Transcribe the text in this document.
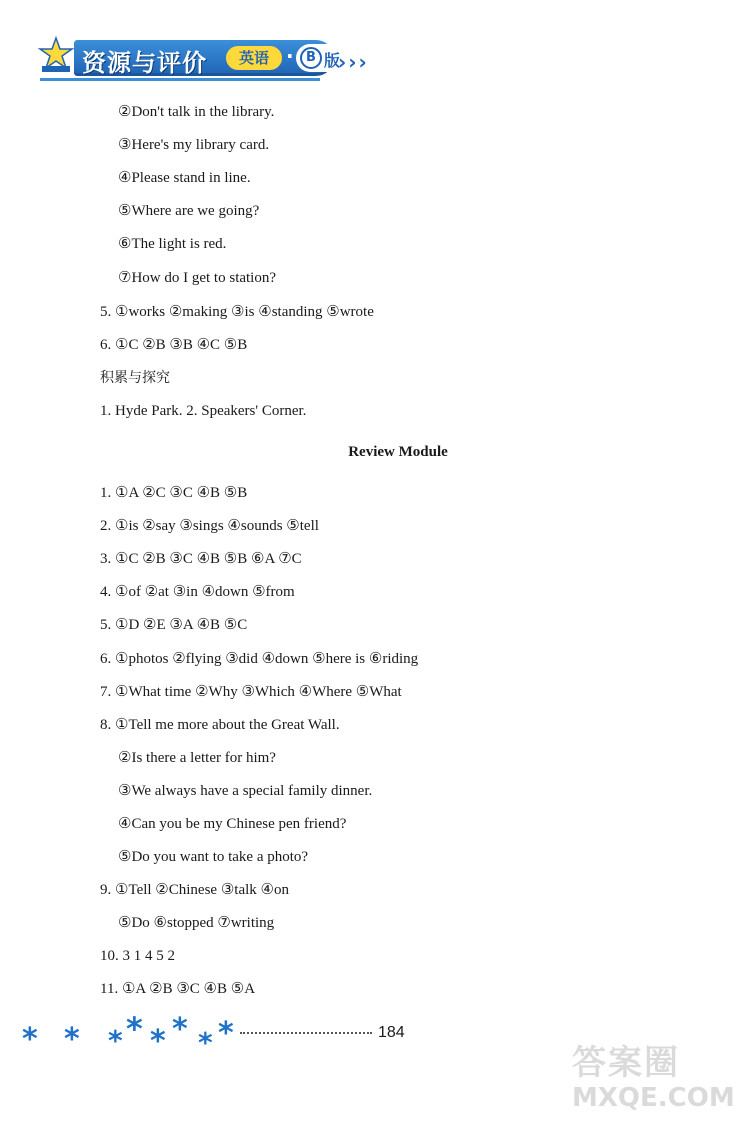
资源与评价	英语 · B 版
›››
②Don't talk in the library.
③Here's my library card.
④Please stand in line.
⑤Where are we going?
⑥The light is red.
⑦How do I get to station?
5. ①works ②making ③is ④standing ⑤wrote
6. ①C ②B ③B ④C ⑤B
积累与探究
1. Hyde Park. 2. Speakers' Corner.
Review Module
1. ①A ②C ③C ④B ⑤B
2. ①is ②say ③sings ④sounds ⑤tell
3. ①C ②B ③C ④B ⑤B ⑥A ⑦C
4. ①of ②at ③in ④down ⑤from
5. ①D ②E ③A ④B ⑤C
6. ①photos ②flying ③did ④down ⑤here is ⑥riding
7. ①What time ②Why ③Which ④Where ⑤What
8. ①Tell me more about the Great Wall.
②Is there a letter for him?
③We always have a special family dinner.
④Can you be my Chinese pen friend?
⑤Do you want to take a photo?
9. ①Tell ②Chinese ③talk ④on
⑤Do ⑥stopped ⑦writing
10. 3 1 4 5 2
11. ①A ②B ③C ④B ⑤A
* * * * * * * *	184
答案圈
MXQE.COM
